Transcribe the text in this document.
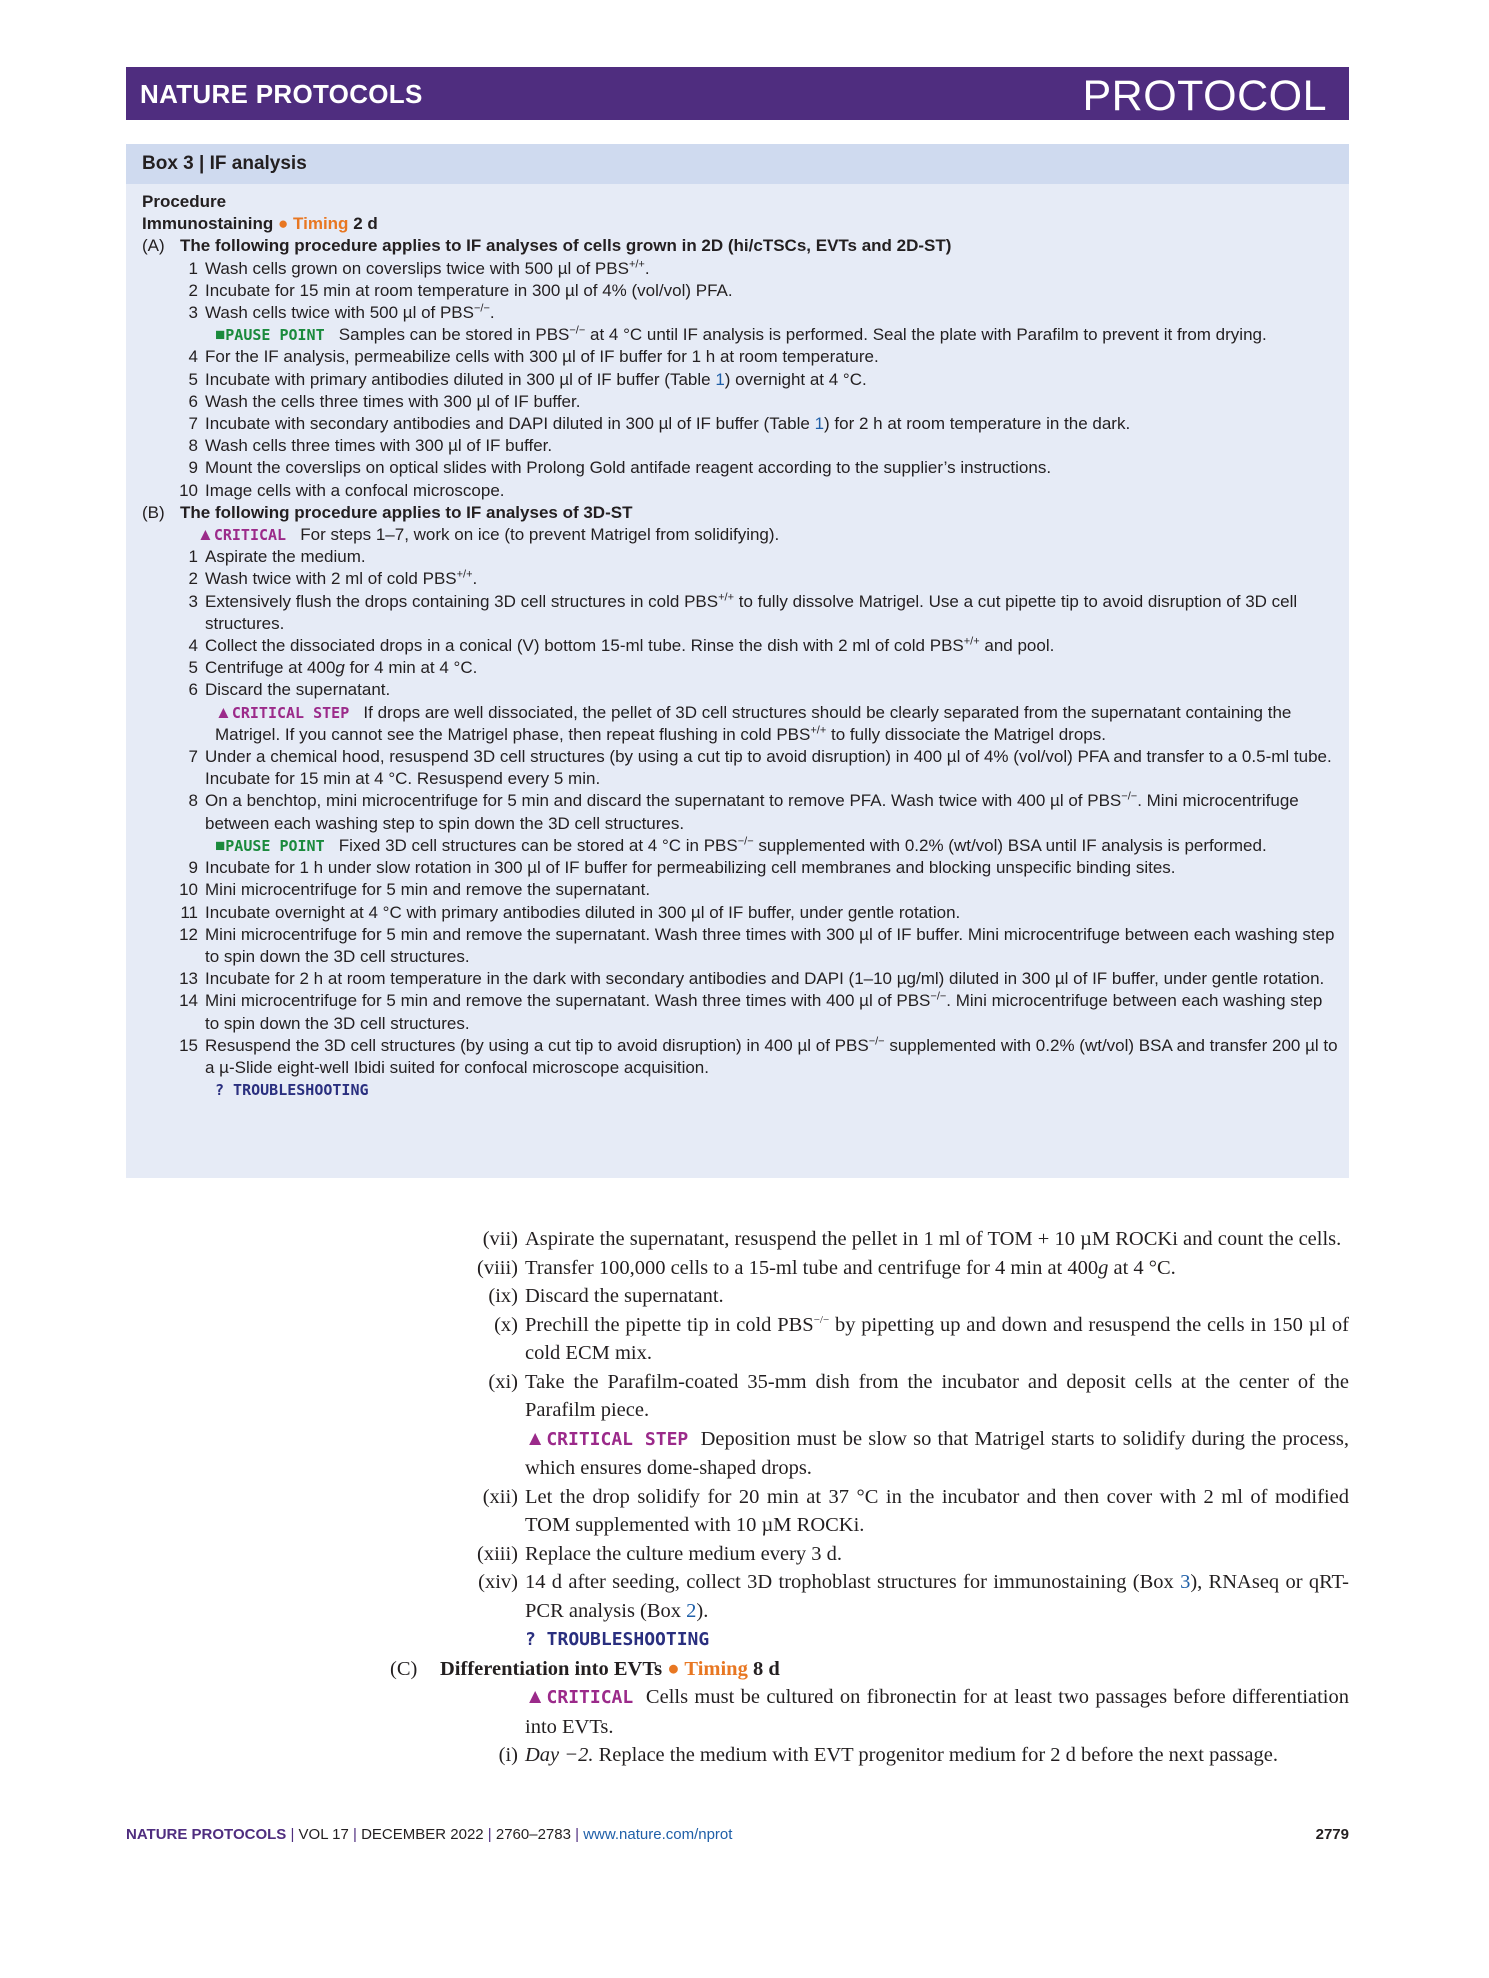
NATURE PROTOCOLS	PROTOCOL
Box 3 | IF analysis
Procedure
Immunostaining ● Timing 2 d
(A) The following procedure applies to IF analyses of cells grown in 2D (hi/cTSCs, EVTs and 2D-ST)
1 Wash cells grown on coverslips twice with 500 µl of PBS+/+.
2 Incubate for 15 min at room temperature in 300 µl of 4% (vol/vol) PFA.
3 Wash cells twice with 500 µl of PBS−/−.
■PAUSE POINT Samples can be stored in PBS−/− at 4 °C until IF analysis is performed. Seal the plate with Parafilm to prevent it from drying.
4 For the IF analysis, permeabilize cells with 300 µl of IF buffer for 1 h at room temperature.
5 Incubate with primary antibodies diluted in 300 µl of IF buffer (Table 1) overnight at 4 °C.
6 Wash the cells three times with 300 µl of IF buffer.
7 Incubate with secondary antibodies and DAPI diluted in 300 µl of IF buffer (Table 1) for 2 h at room temperature in the dark.
8 Wash cells three times with 300 µl of IF buffer.
9 Mount the coverslips on optical slides with Prolong Gold antifade reagent according to the supplier’s instructions.
10 Image cells with a confocal microscope.
(B) The following procedure applies to IF analyses of 3D-ST
▲CRITICAL For steps 1–7, work on ice (to prevent Matrigel from solidifying).
1 Aspirate the medium.
2 Wash twice with 2 ml of cold PBS+/+.
3 Extensively flush the drops containing 3D cell structures in cold PBS+/+ to fully dissolve Matrigel. Use a cut pipette tip to avoid disruption of 3D cell structures.
4 Collect the dissociated drops in a conical (V) bottom 15-ml tube. Rinse the dish with 2 ml of cold PBS+/+ and pool.
5 Centrifuge at 400g for 4 min at 4 °C.
6 Discard the supernatant.
▲CRITICAL STEP If drops are well dissociated, the pellet of 3D cell structures should be clearly separated from the supernatant containing the Matrigel. If you cannot see the Matrigel phase, then repeat flushing in cold PBS+/+ to fully dissociate the Matrigel drops.
7 Under a chemical hood, resuspend 3D cell structures (by using a cut tip to avoid disruption) in 400 µl of 4% (vol/vol) PFA and transfer to a 0.5-ml tube. Incubate for 15 min at 4 °C. Resuspend every 5 min.
8 On a benchtop, mini microcentrifuge for 5 min and discard the supernatant to remove PFA. Wash twice with 400 µl of PBS−/−. Mini microcentrifuge between each washing step to spin down the 3D cell structures.
■PAUSE POINT Fixed 3D cell structures can be stored at 4 °C in PBS−/− supplemented with 0.2% (wt/vol) BSA until IF analysis is performed.
9 Incubate for 1 h under slow rotation in 300 µl of IF buffer for permeabilizing cell membranes and blocking unspecific binding sites.
10 Mini microcentrifuge for 5 min and remove the supernatant.
11 Incubate overnight at 4 °C with primary antibodies diluted in 300 µl of IF buffer, under gentle rotation.
12 Mini microcentrifuge for 5 min and remove the supernatant. Wash three times with 300 µl of IF buffer. Mini microcentrifuge between each washing step to spin down the 3D cell structures.
13 Incubate for 2 h at room temperature in the dark with secondary antibodies and DAPI (1–10 µg/ml) diluted in 300 µl of IF buffer, under gentle rotation.
14 Mini microcentrifuge for 5 min and remove the supernatant. Wash three times with 400 µl of PBS−/−. Mini microcentrifuge between each washing step to spin down the 3D cell structures.
15 Resuspend the 3D cell structures (by using a cut tip to avoid disruption) in 400 µl of PBS−/− supplemented with 0.2% (wt/vol) BSA and transfer 200 µl to a µ-Slide eight-well Ibidi suited for confocal microscope acquisition.
? TROUBLESHOOTING
(vii) Aspirate the supernatant, resuspend the pellet in 1 ml of TOM + 10 µM ROCKi and count the cells.
(viii) Transfer 100,000 cells to a 15-ml tube and centrifuge for 4 min at 400g at 4 °C.
(ix) Discard the supernatant.
(x) Prechill the pipette tip in cold PBS−/− by pipetting up and down and resuspend the cells in 150 µl of cold ECM mix.
(xi) Take the Parafilm-coated 35-mm dish from the incubator and deposit cells at the center of the Parafilm piece.
▲CRITICAL STEP Deposition must be slow so that Matrigel starts to solidify during the process, which ensures dome-shaped drops.
(xii) Let the drop solidify for 20 min at 37 °C in the incubator and then cover with 2 ml of modified TOM supplemented with 10 µM ROCKi.
(xiii) Replace the culture medium every 3 d.
(xiv) 14 d after seeding, collect 3D trophoblast structures for immunostaining (Box 3), RNAseq or qRT-PCR analysis (Box 2).
? TROUBLESHOOTING
(C)	Differentiation into EVTs ● Timing 8 d
▲CRITICAL Cells must be cultured on fibronectin for at least two passages before differentiation into EVTs.
(i) Day −2. Replace the medium with EVT progenitor medium for 2 d before the next passage.
NATURE PROTOCOLS | VOL 17 | DECEMBER 2022 | 2760–2783 | www.nature.com/nprot	2779
